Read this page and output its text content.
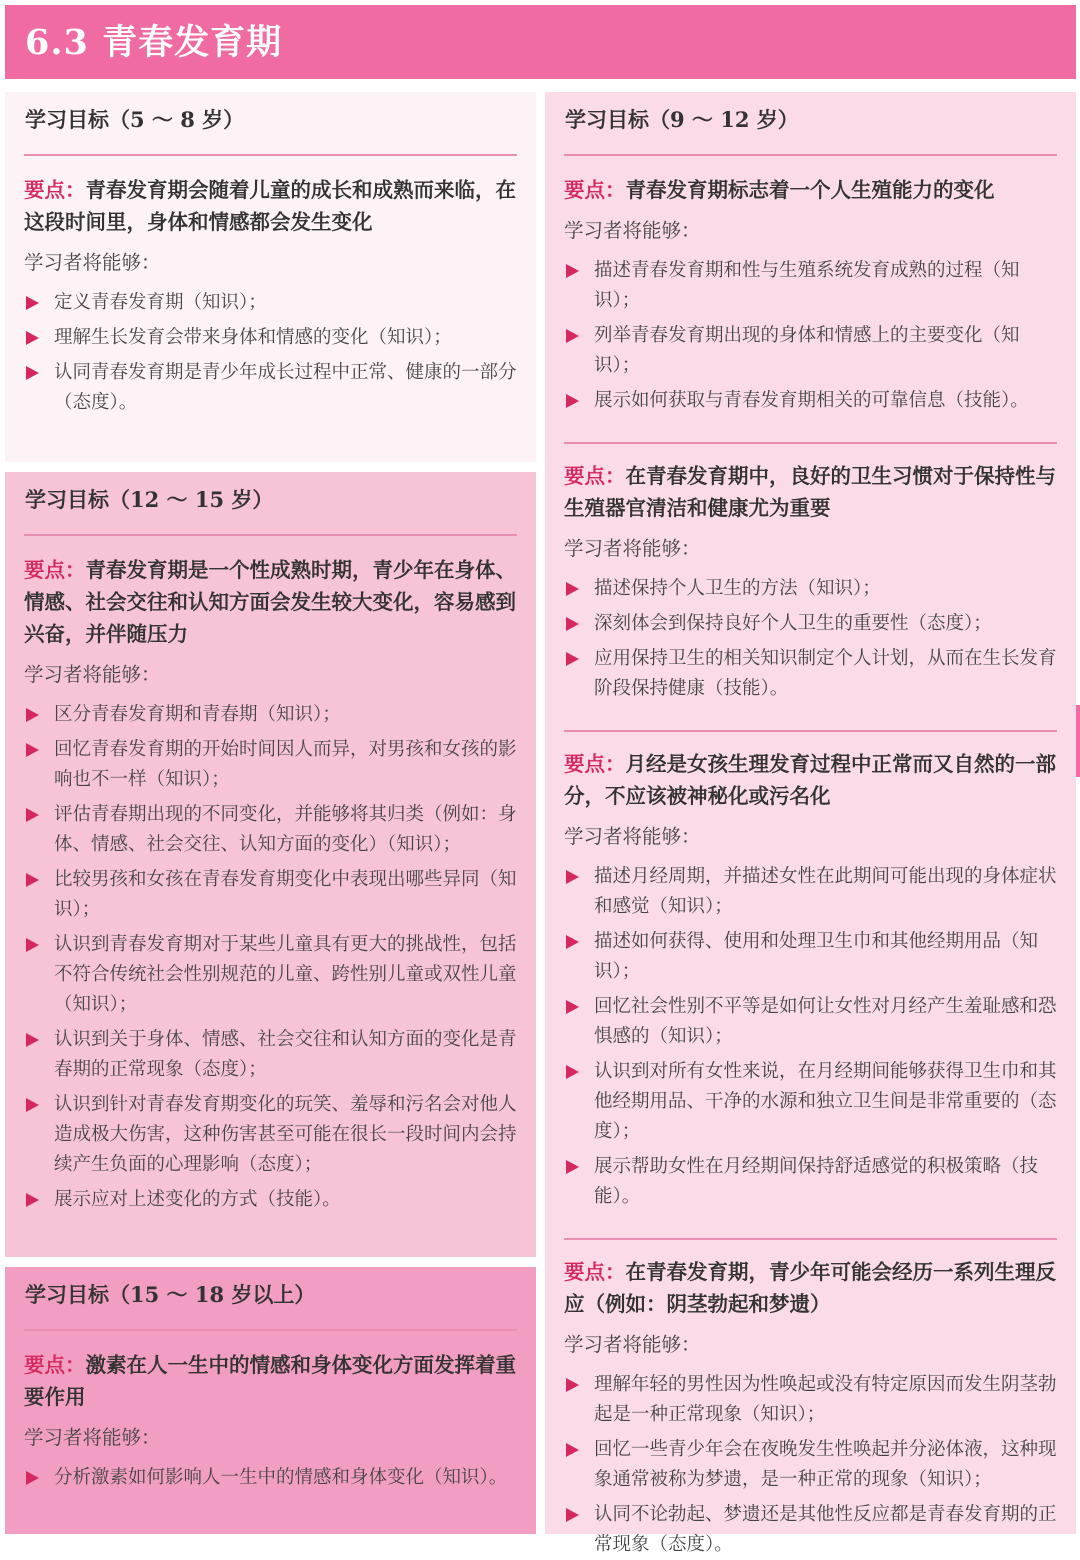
6.3 青春发育期
学习目标（5 ～ 8 岁）
要点：青春发育期会随着儿童的成长和成熟而来临，在这段时间里，身体和情感都会发生变化
学习者将能够：
定义青春发育期（知识）；
理解生长发育会带来身体和情感的变化（知识）；
认同青春发育期是青少年成长过程中正常、健康的一部分（态度）。
学习目标（12 ～ 15 岁）
要点：青春发育期是一个性成熟时期，青少年在身体、情感、社会交往和认知方面会发生较大变化，容易感到兴奋，并伴随压力
学习者将能够：
区分青春发育期和青春期（知识）；
回忆青春发育期的开始时间因人而异，对男孩和女孩的影响也不一样（知识）；
评估青春期出现的不同变化，并能够将其归类（例如：身体、情感、社会交往、认知方面的变化）（知识）；
比较男孩和女孩在青春发育期变化中表现出哪些异同（知识）；
认识到青春发育期对于某些儿童具有更大的挑战性，包括不符合传统社会性别规范的儿童、跨性别儿童或双性儿童（知识）；
认识到关于身体、情感、社会交往和认知方面的变化是青春期的正常现象（态度）；
认识到针对青春发育期变化的玩笑、羞辱和污名会对他人造成极大伤害，这种伤害甚至可能在很长一段时间内会持续产生负面的心理影响（态度）；
展示应对上述变化的方式（技能）。
学习目标（15 ～ 18 岁以上）
要点：激素在人一生中的情感和身体变化方面发挥着重要作用
学习者将能够：
分析激素如何影响人一生中的情感和身体变化（知识）。
学习目标（9 ～ 12 岁）
要点：青春发育期标志着一个人生殖能力的变化
学习者将能够：
描述青春发育期和性与生殖系统发育成熟的过程（知识）；
列举青春发育期出现的身体和情感上的主要变化（知识）；
展示如何获取与青春发育期相关的可靠信息（技能）。
要点：在青春发育期中，良好的卫生习惯对于保持性与生殖器官清洁和健康尤为重要
学习者将能够：
描述保持个人卫生的方法（知识）；
深刻体会到保持良好个人卫生的重要性（态度）；
应用保持卫生的相关知识制定个人计划，从而在生长发育阶段保持健康（技能）。
要点：月经是女孩生理发育过程中正常而又自然的一部分，不应该被神秘化或污名化
学习者将能够：
描述月经周期，并描述女性在此期间可能出现的身体症状和感觉（知识）；
描述如何获得、使用和处理卫生巾和其他经期用品（知识）；
回忆社会性别不平等是如何让女性对月经产生羞耻感和恐惧感的（知识）；
认识到对所有女性来说，在月经期间能够获得卫生巾和其他经期用品、干净的水源和独立卫生间是非常重要的（态度）；
展示帮助女性在月经期间保持舒适感觉的积极策略（技能）。
要点：在青春发育期，青少年可能会经历一系列生理反应（例如：阴茎勃起和梦遗）
学习者将能够：
理解年轻的男性因为性唤起或没有特定原因而发生阴茎勃起是一种正常现象（知识）；
回忆一些青少年会在夜晚发生性唤起并分泌体液，这种现象通常被称为梦遗，是一种正常的现象（知识）；
认同不论勃起、梦遗还是其他性反应都是青春发育期的正常现象（态度）。
